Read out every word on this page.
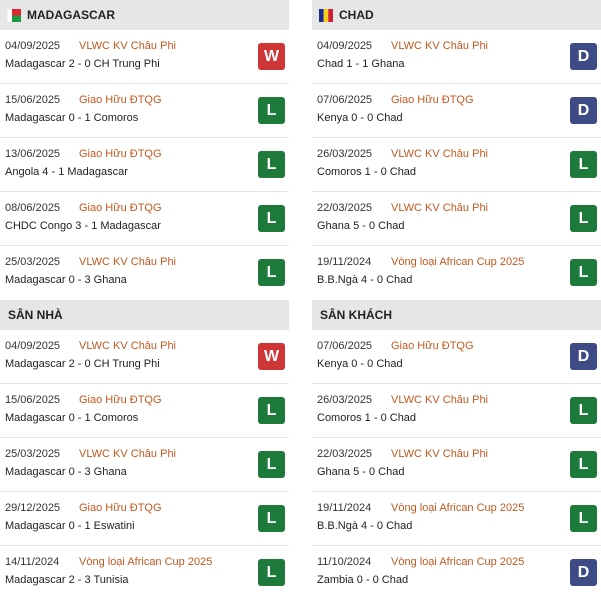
MADAGASCAR
04/09/2025 VLWC KV Châu Phi
Madagascar 2 - 0 CH Trung Phi	W
15/06/2025 Giao Hữu ĐTQG
Madagascar 0 - 1 Comoros	L
13/06/2025 Giao Hữu ĐTQG
Angola 4 - 1 Madagascar	L
08/06/2025 Giao Hữu ĐTQG
CHDC Congo 3 - 1 Madagascar	L
25/03/2025 VLWC KV Châu Phi
Madagascar 0 - 3 Ghana	L
SÂN NHÀ
04/09/2025 VLWC KV Châu Phi
Madagascar 2 - 0 CH Trung Phi	W
15/06/2025 Giao Hữu ĐTQG
Madagascar 0 - 1 Comoros	L
25/03/2025 VLWC KV Châu Phi
Madagascar 0 - 3 Ghana	L
29/12/2025 Giao Hữu ĐTQG
Madagascar 0 - 1 Eswatini	L
14/11/2024 Vòng loại African Cup 2025
Madagascar 2 - 3 Tunisia	L
CHAD
04/09/2025 VLWC KV Châu Phi
Chad 1 - 1 Ghana	D
07/06/2025 Giao Hữu ĐTQG
Kenya 0 - 0 Chad	D
26/03/2025 VLWC KV Châu Phi
Comoros 1 - 0 Chad	L
22/03/2025 VLWC KV Châu Phi
Ghana 5 - 0 Chad	L
19/11/2024 Vòng loại African Cup 2025
B.B.Ngà 4 - 0 Chad	L
SÂN KHÁCH
07/06/2025 Giao Hữu ĐTQG
Kenya 0 - 0 Chad	D
26/03/2025 VLWC KV Châu Phi
Comoros 1 - 0 Chad	L
22/03/2025 VLWC KV Châu Phi
Ghana 5 - 0 Chad	L
19/11/2024 Vòng loại African Cup 2025
B.B.Ngà 4 - 0 Chad	L
11/10/2024 Vòng loại African Cup 2025
Zambia 0 - 0 Chad	D
